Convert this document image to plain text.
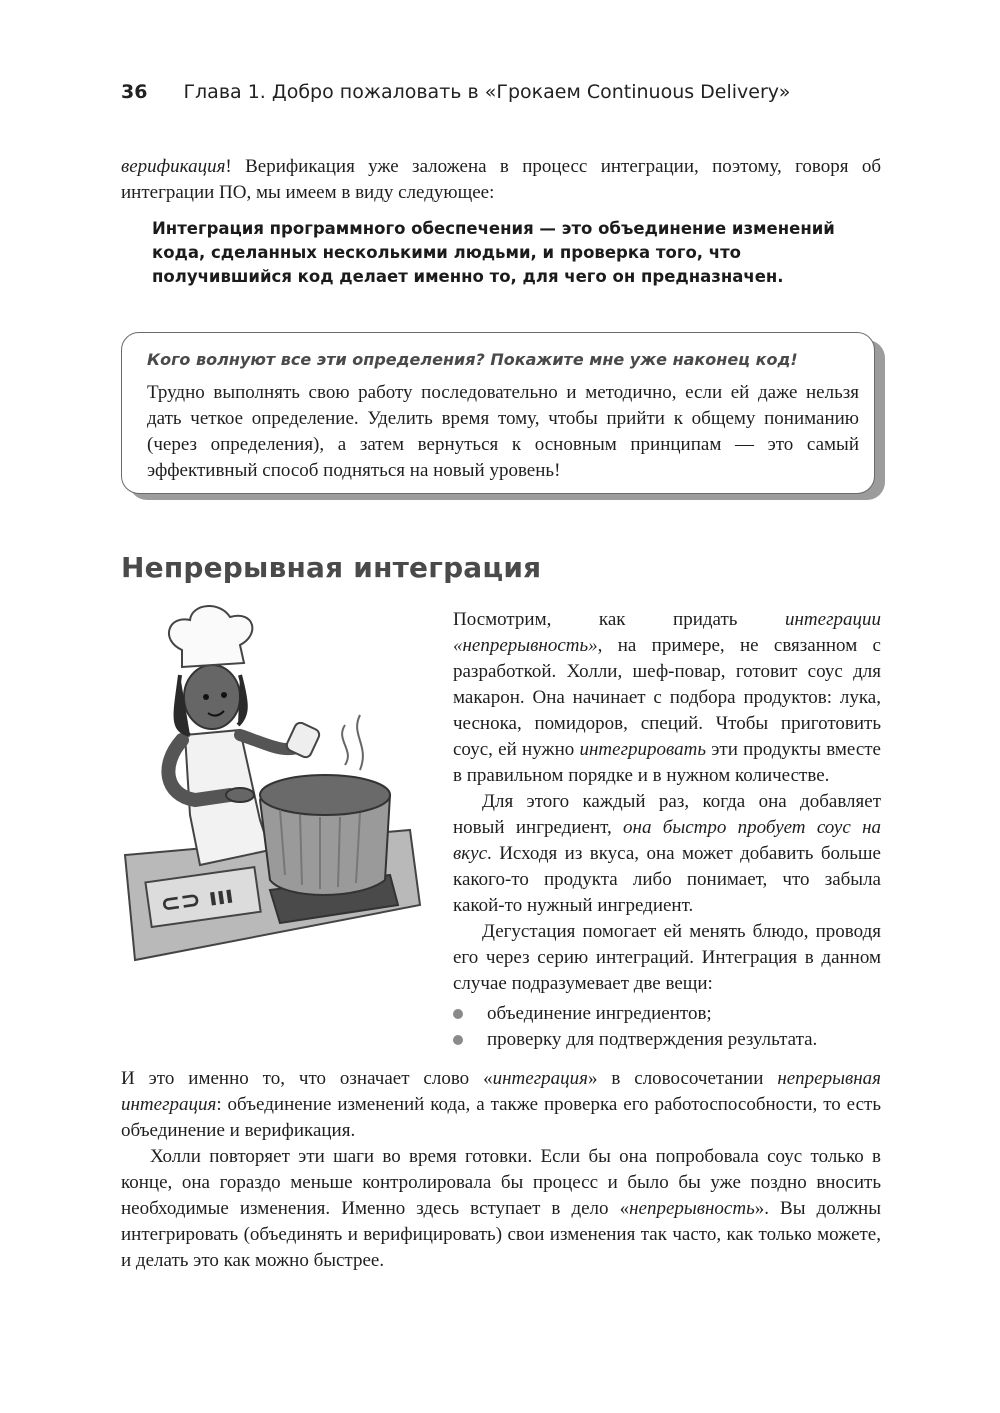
36 Глава 1. Добро пожаловать в «Грокаем Continuous Delivery»
верификация! Верификация уже заложена в процесс интеграции, поэтому, говоря об интеграции ПО, мы имеем в виду следующее:
Интеграция программного обеспечения — это объединение изменений кода, сделанных несколькими людьми, и проверка того, что получившийся код делает именно то, для чего он предназначен.
Кого волнуют все эти определения? Покажите мне уже наконец код!
Трудно выполнять свою работу последовательно и методично, если ей даже нельзя дать четкое определение. Уделить время тому, чтобы прийти к общему пониманию (через определения), а затем вернуться к основным принципам — это самый эффективный способ подняться на новый уровень!
Непрерывная интеграция
⊂⊃ ııı

Посмотрим, как придать интеграции «непрерывность», на примере, не связанном с разработкой. Холли, шеф-повар, готовит соус для макарон. Она начинает с подбора продуктов: лука, чеснока, помидоров, специй. Чтобы приготовить соус, ей нужно интегрировать эти продукты вместе в правильном порядке и в нужном количестве.

Для этого каждый раз, когда она добавляет новый ингредиент, она быстро пробует соус на вкус. Исходя из вкуса, она может добавить больше какого-то продукта либо понимает, что забыла какой-то нужный ингредиент.

Дегустация помогает ей менять блюдо, проводя его через серию интеграций. Интеграция в данном случае подразумевает две вещи:

объединение ингредиентов;
проверку для подтверждения результата.

И это именно то, что означает слово «интеграция» в словосочетании непрерывная интеграция: объединение изменений кода, а также проверка его работоспособности, то есть объединение и верификация.

Холли повторяет эти шаги во время готовки. Если бы она попробовала соус только в конце, она гораздо меньше контролировала бы процесс и было бы уже поздно вносить необходимые изменения. Именно здесь вступает в дело «непрерывность». Вы должны интегрировать (объединять и верифицировать) свои изменения так часто, как только можете, и делать это как можно быстрее.
